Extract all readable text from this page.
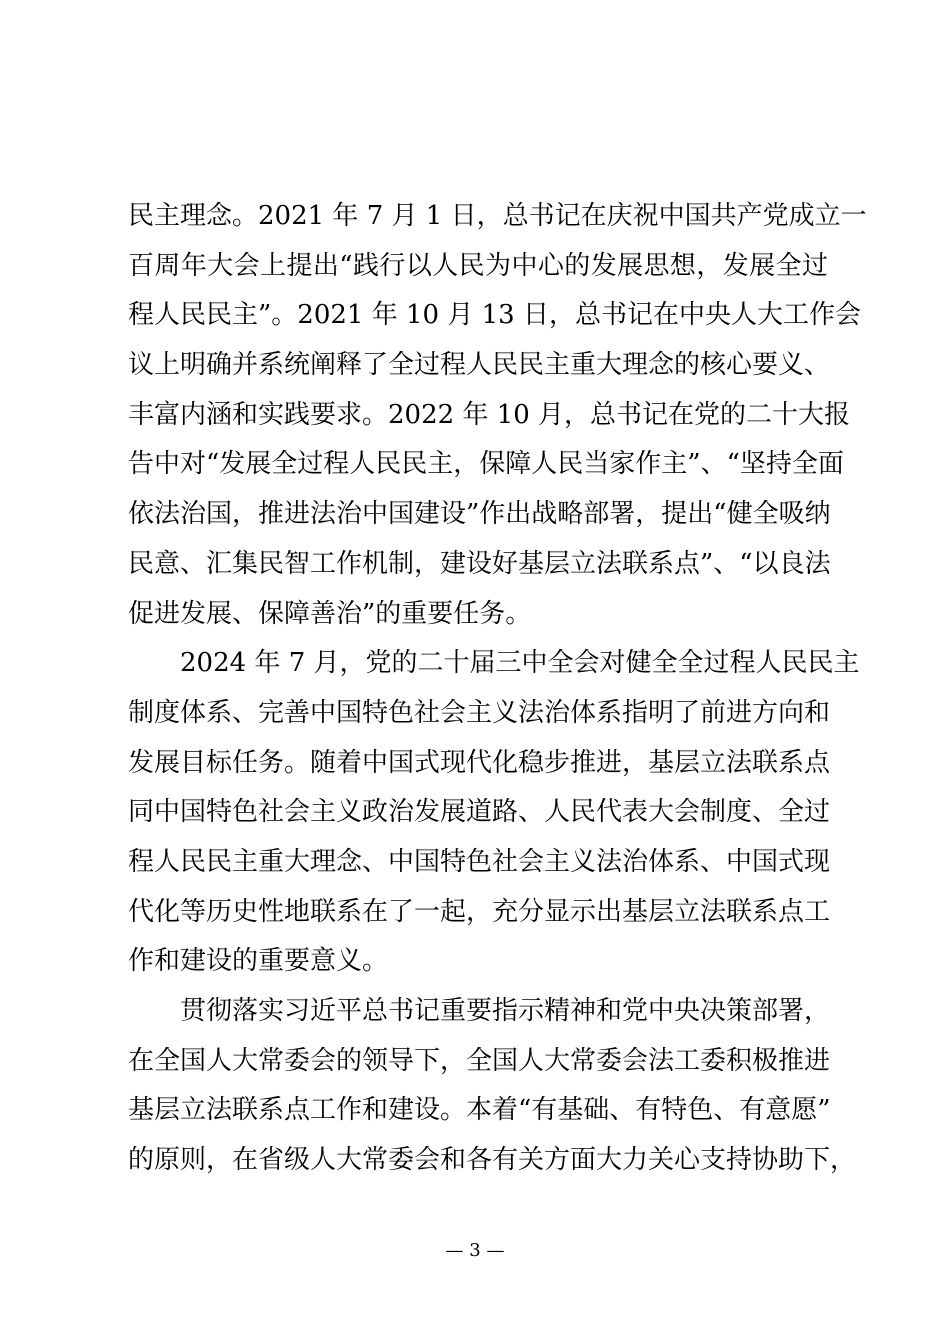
民主理念。2021 年 7 月 1 日，总书记在庆祝中国共产党成立一
百周年大会上提出“践行以人民为中心的发展思想，发展全过
程人民民主”。2021 年 10 月 13 日，总书记在中央人大工作会
议上明确并系统阐释了全过程人民民主重大理念的核心要义、
丰富内涵和实践要求。2022 年 10 月，总书记在党的二十大报
告中对“发展全过程人民民主，保障人民当家作主”、“坚持全面
依法治国，推进法治中国建设”作出战略部署，提出“健全吸纳
民意、汇集民智工作机制，建设好基层立法联系点”、“以良法
促进发展、保障善治”的重要任务。
2024 年 7 月，党的二十届三中全会对健全全过程人民民主
制度体系、完善中国特色社会主义法治体系指明了前进方向和
发展目标任务。随着中国式现代化稳步推进，基层立法联系点
同中国特色社会主义政治发展道路、人民代表大会制度、全过
程人民民主重大理念、中国特色社会主义法治体系、中国式现
代化等历史性地联系在了一起，充分显示出基层立法联系点工
作和建设的重要意义。
贯彻落实习近平总书记重要指示精神和党中央决策部署，
在全国人大常委会的领导下，全国人大常委会法工委积极推进
基层立法联系点工作和建设。本着“有基础、有特色、有意愿”
的原则，在省级人大常委会和各有关方面大力关心支持协助下，
— 3 —
